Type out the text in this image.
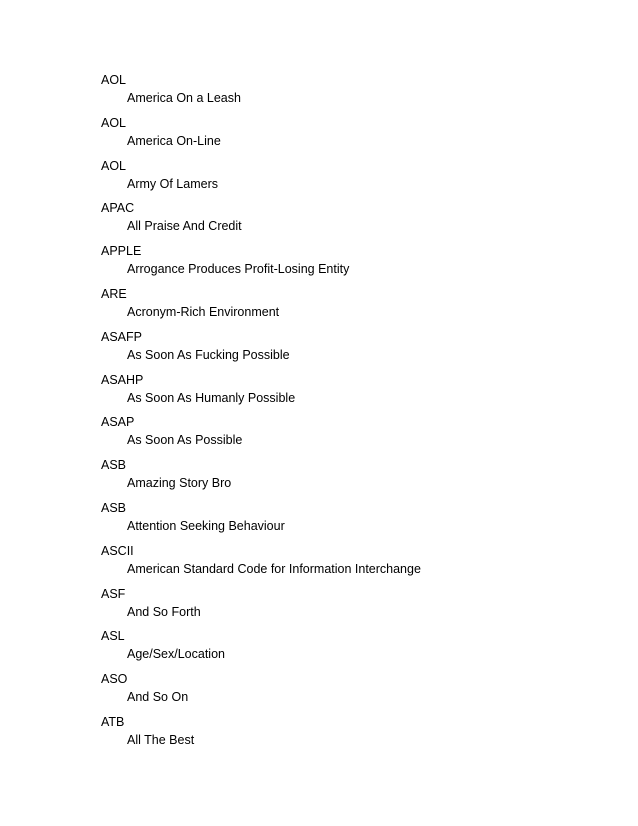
AOL
America On a Leash
AOL
America On-Line
AOL
Army Of Lamers
APAC
All Praise And Credit
APPLE
Arrogance Produces Profit-Losing Entity
ARE
Acronym-Rich Environment
ASAFP
As Soon As Fucking Possible
ASAHP
As Soon As Humanly Possible
ASAP
As Soon As Possible
ASB
Amazing Story Bro
ASB
Attention Seeking Behaviour
ASCII
American Standard Code for Information Interchange
ASF
And So Forth
ASL
Age/Sex/Location
ASO
And So On
ATB
All The Best
